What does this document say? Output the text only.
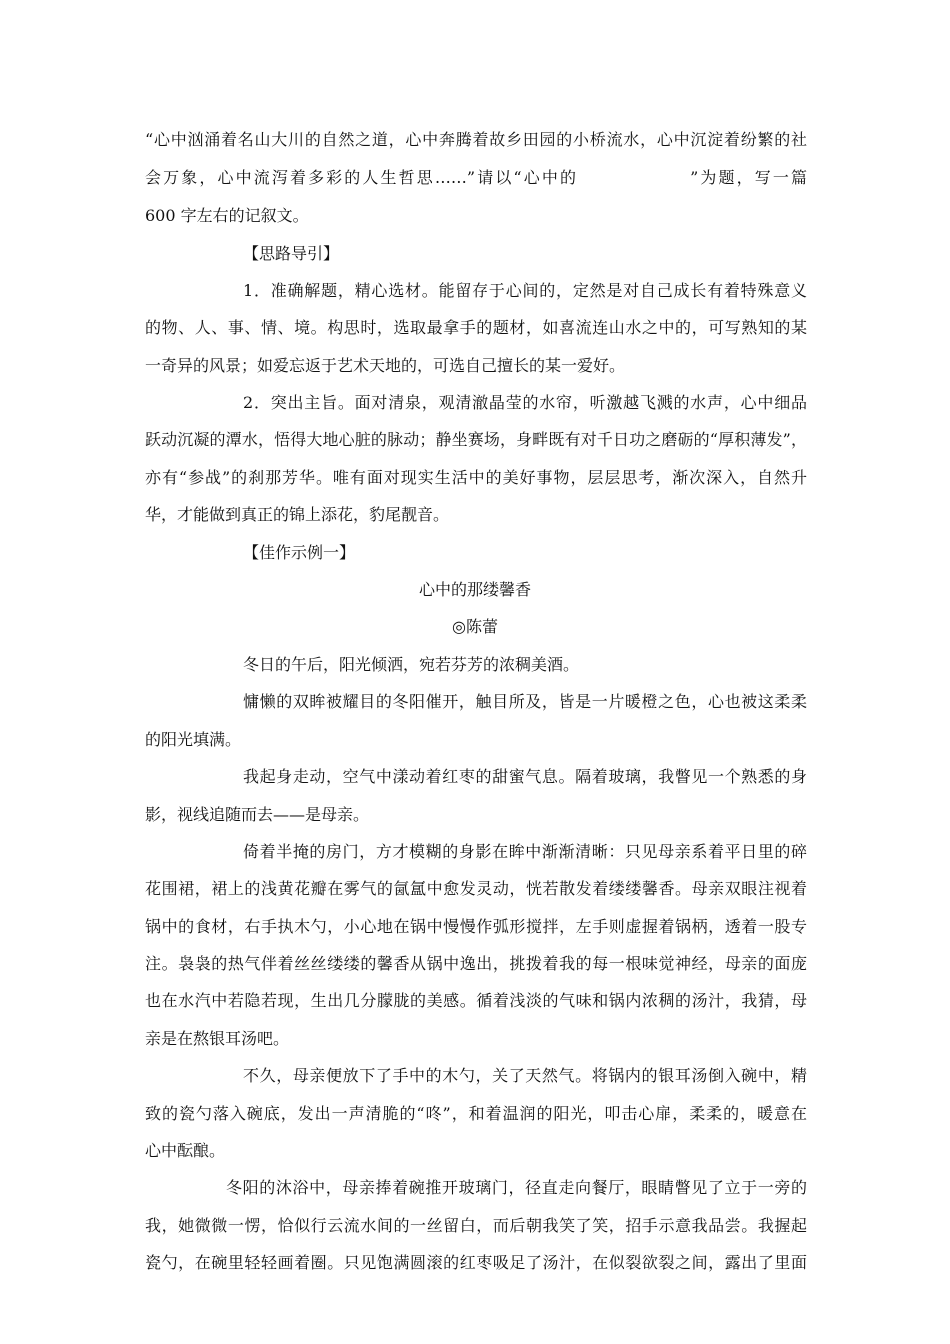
“心中汹涌着名山大川的自然之道，心中奔腾着故乡田园的小桥流水，心中沉淀着纷繁的社
会万象，心中流泻着多彩的人生哲思……”请以“心中的	”为题，写一篇
600 字左右的记叙文。
【思路导引】
1．准确解题，精心选材。能留存于心间的，定然是对自己成长有着特殊意义
的物、人、事、情、境。构思时，选取最拿手的题材，如喜流连山水之中的，可写熟知的某
一奇异的风景；如爱忘返于艺术天地的，可选自己擅长的某一爱好。
2．突出主旨。面对清泉，观清澈晶莹的水帘，听激越飞溅的水声，心中细品
跃动沉凝的潭水，悟得大地心脏的脉动；静坐赛场，身畔既有对千日功之磨砺的“厚积薄发”，
亦有“参战”的刹那芳华。唯有面对现实生活中的美好事物，层层思考，渐次深入，自然升
华，才能做到真正的锦上添花，豹尾靓音。
【佳作示例一】
心中的那缕馨香
◎陈蕾
冬日的午后，阳光倾洒，宛若芬芳的浓稠美酒。
慵懒的双眸被耀目的冬阳催开，触目所及，皆是一片暖橙之色，心也被这柔柔
的阳光填满。
我起身走动，空气中漾动着红枣的甜蜜气息。隔着玻璃，我瞥见一个熟悉的身
影，视线追随而去——是母亲。
倚着半掩的房门，方才模糊的身影在眸中渐渐清晰：只见母亲系着平日里的碎
花围裙，裙上的浅黄花瓣在雾气的氤氲中愈发灵动，恍若散发着缕缕馨香。母亲双眼注视着
锅中的食材，右手执木勺，小心地在锅中慢慢作弧形搅拌，左手则虚握着锅柄，透着一股专
注。袅袅的热气伴着丝丝缕缕的馨香从锅中逸出，挑拨着我的每一根味觉神经，母亲的面庞
也在水汽中若隐若现，生出几分朦胧的美感。循着浅淡的气味和锅内浓稠的汤汁，我猜，母
亲是在熬银耳汤吧。
不久，母亲便放下了手中的木勺，关了天然气。将锅内的银耳汤倒入碗中，精
致的瓷勺落入碗底，发出一声清脆的“咚”，和着温润的阳光，叩击心扉，柔柔的，暖意在
心中酝酿。
冬阳的沐浴中，母亲捧着碗推开玻璃门，径直走向餐厅，眼睛瞥见了立于一旁的
我，她微微一愣，恰似行云流水间的一丝留白，而后朝我笑了笑，招手示意我品尝。我握起
瓷勺，在碗里轻轻画着圈。只见饱满圆滚的红枣吸足了汤汁，在似裂欲裂之间，露出了里面
